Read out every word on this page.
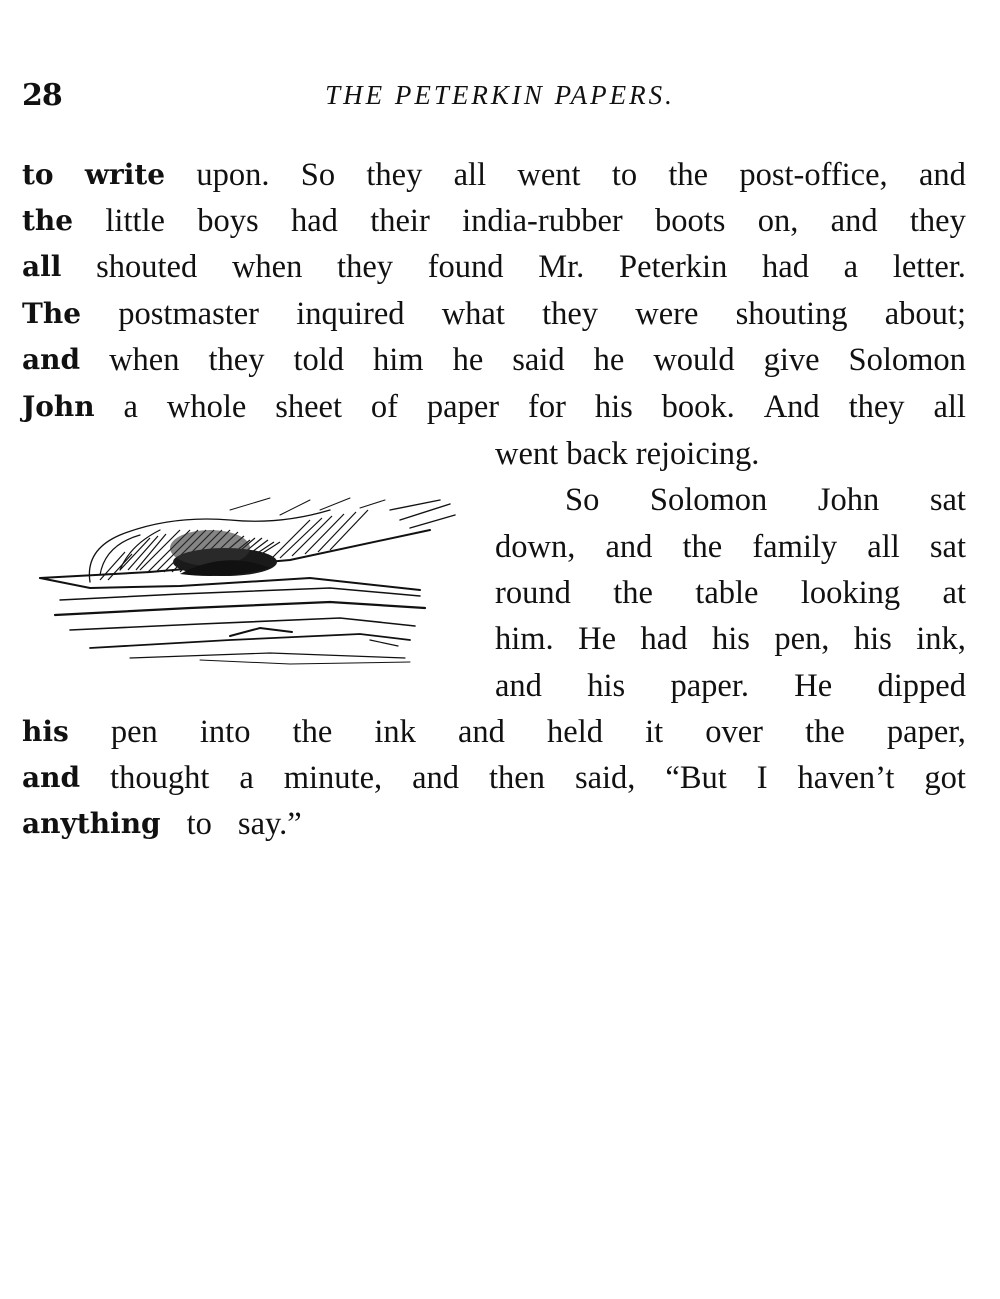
28	THE PETERKIN PAPERS.
to write upon. So they all went to the post-office, and
the little boys had their india-rubber boots on, and they
all shouted when they found Mr. Peterkin had a letter.
The postmaster inquired what they were shouting about;
and when they told him he said he would give Solomon
John a whole sheet of paper for his book. And they all
went back rejoicing.
So Solomon John sat
down, and the family all sat
round the table looking at
him. He had his pen, his ink,
and his paper. He dipped
his pen into the ink and held it over the paper,
and thought a minute, and then said, “But I haven’t got
anything to say.”
